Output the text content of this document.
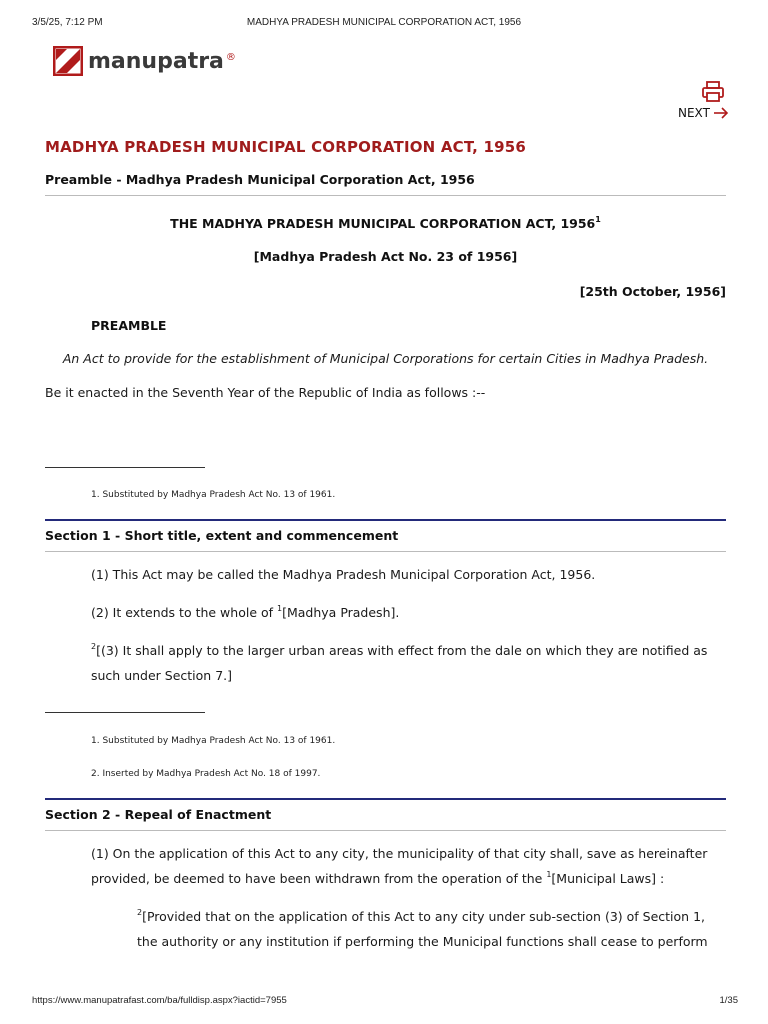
3/5/25, 7:12 PM	MADHYA PRADESH MUNICIPAL CORPORATION ACT, 1956
manupatra ®
NEXT
MADHYA PRADESH MUNICIPAL CORPORATION ACT, 1956
Preamble - Madhya Pradesh Municipal Corporation Act, 1956
THE MADHYA PRADESH MUNICIPAL CORPORATION ACT, 1956$^1$
[Madhya Pradesh Act No. 23 of 1956]
[25th October, 1956]
PREAMBLE
An Act to provide for the establishment of Municipal Corporations for certain Cities in Madhya Pradesh.
Be it enacted in the Seventh Year of the Republic of India as follows :--
1. Substituted by Madhya Pradesh Act No. 13 of 1961.
Section 1 - Short title, extent and commencement
(1) This Act may be called the Madhya Pradesh Municipal Corporation Act, 1956.
(2) It extends to the whole of $^1$[Madhya Pradesh].
$^2$[(3) It shall apply to the larger urban areas with effect from the dale on which they are notified as
such under Section 7.]
1. Substituted by Madhya Pradesh Act No. 13 of 1961.
2. Inserted by Madhya Pradesh Act No. 18 of 1997.
Section 2 - Repeal of Enactment
(1) On the application of this Act to any city, the municipality of that city shall, save as hereinafter
provided, be deemed to have been withdrawn from the operation of the $^1$[Municipal Laws] :
$^2$[Provided that on the application of this Act to any city under sub-section (3) of Section 1,
the authority or any institution if performing the Municipal functions shall cease to perform
https://www.manupatrafast.com/ba/fulldisp.aspx?iactid=7955	1/35
